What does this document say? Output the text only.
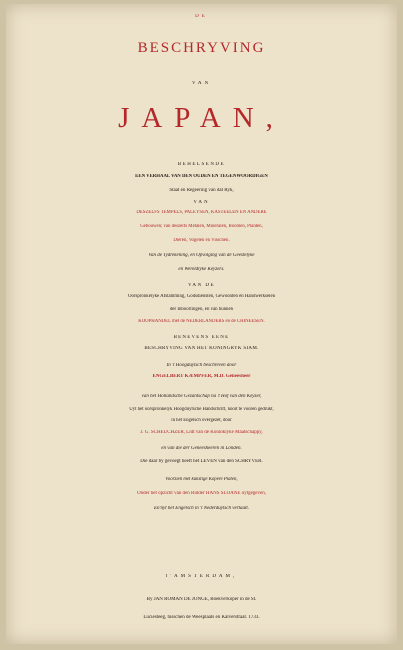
DE
BESCHRYVING
VAN
JAPAN,
BEHELSENDE
EEN VERHAAL VAN DEN OUDEN EN TEGENWOORDIGEN
Staat en Regeering van dat Ryk,
VAN
DESZELFS TEMPELS, PALEYSEN, KASTEELEN EN ANDERE
Gebouwen; van deszelfs Metalen, Mineralen, Boomen, Planten,
Dieren, Vogelen en Visschen.
Van de Tydrekening, en Opvolging van de Geestelyke
en Wereldlyke Keyzers.
VAN DE
Oorspronkelyke Afstamming, Godsdiensten, Gewoonten en Handwerkselen
der Inboorlingen, en van hunnen
KOOPHANDEL met de NEDERLANDERS en de CHINEESEN.
BENEVENS EENE
BESCHRYVING VAN HET KONINGRYK SIAM.
In 't Hoogduytsch beschreven door
ENGELBERT KÆMPFER, M.D. Geneesheer
van het Hollandsche Gezantschap na 't Hof van den Keyzer,
Uyt het oorspronkelyk Hoogduytsche Handschrift, nooit te vooren gedrukt,
in het Engelsch overgezet, door
J. G. SCHEUCHZER, Lidt van de Koninklyke Maatschappy,
en van die der Geneesheeren in Londen.
Die daar by gevoegt heeft het LEVEN van den SCHRYVER.
Voorzien met kunstige Kopere Platen,
Onder het opzicht van den Ridder HANS SLOANE uytgegeven,
En'nyt het Engelsch in 't Nederduytsch vertaalt.
t'AMSTERDAM,
By JAN ROMAN DE JONGE, Boekverkoper in de St.
Luciesteeg, tusschen de Weesplaats en Kalverstraat. 1733.
